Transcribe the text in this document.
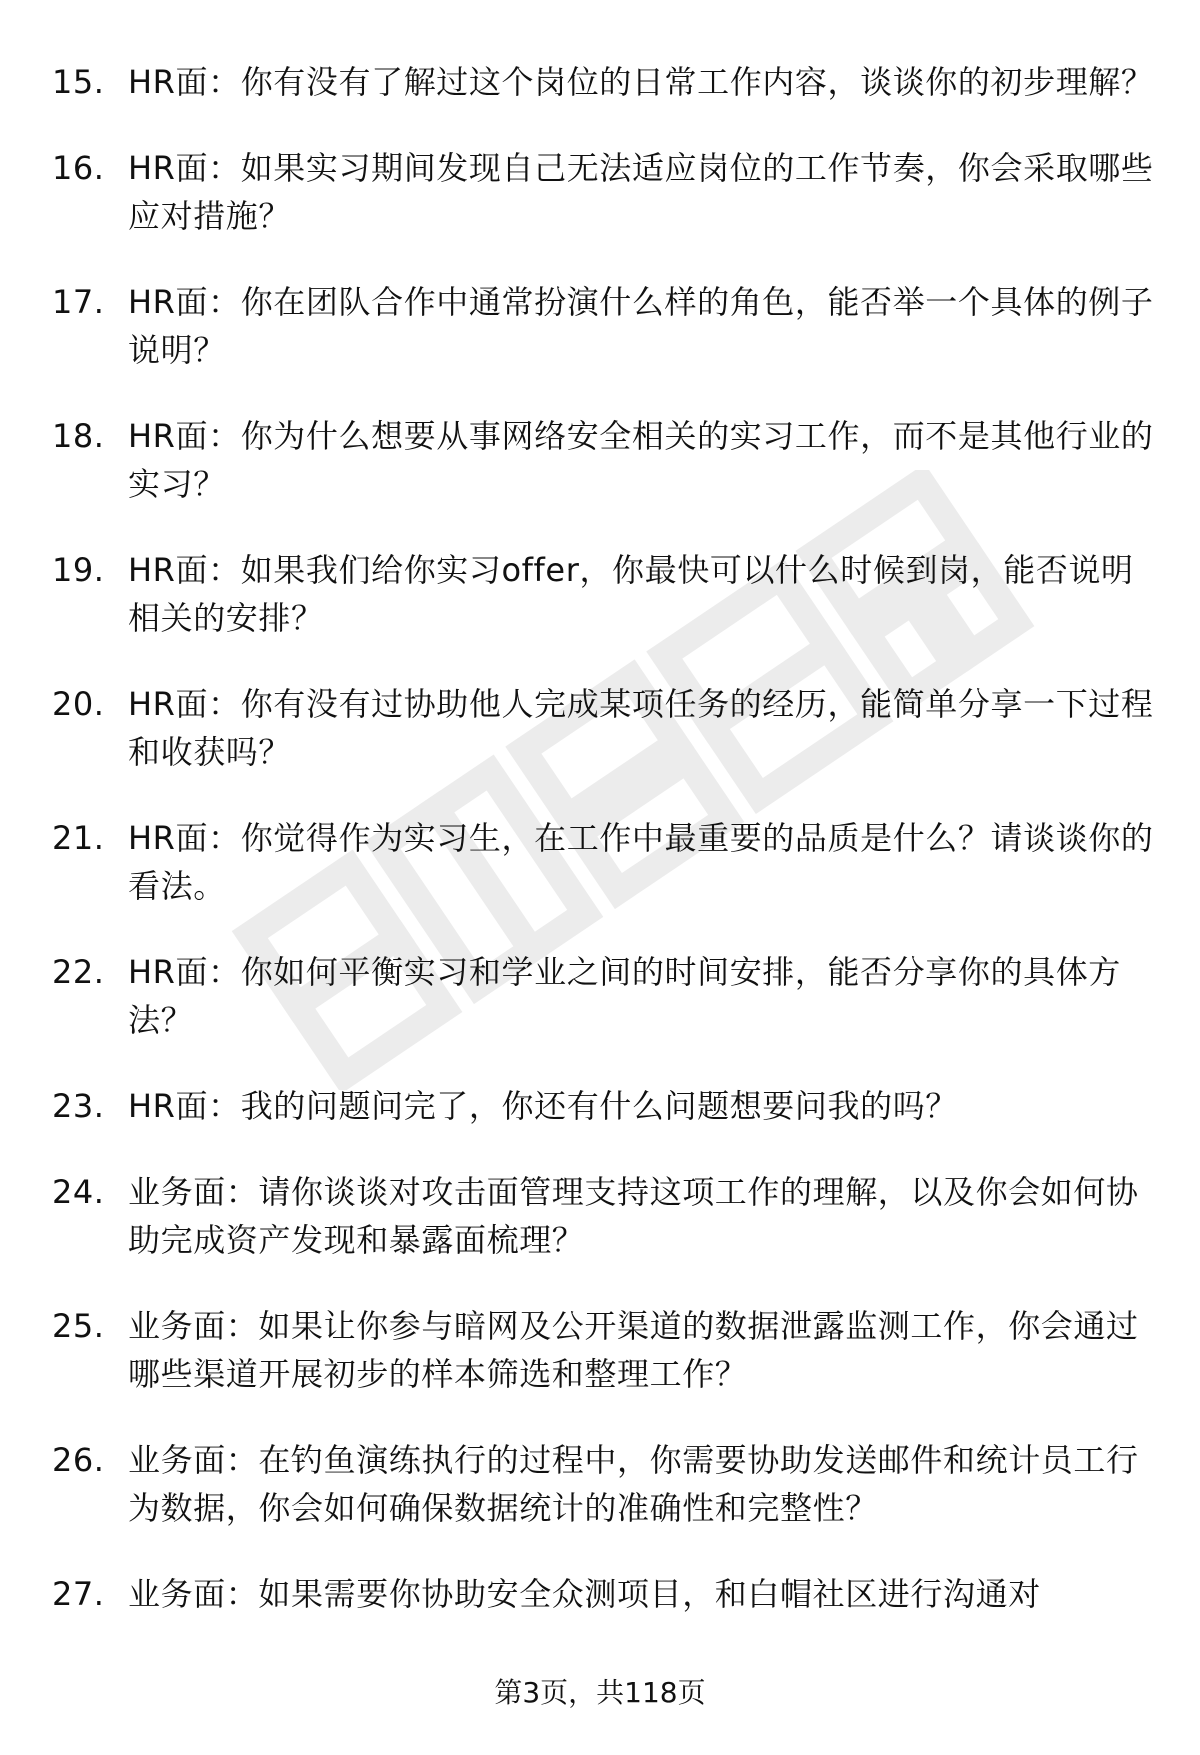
15. HR面：你有没有了解过这个岗位的日常工作内容，谈谈你的初步理解？
16. HR面：如果实习期间发现自己无法适应岗位的工作节奏，你会采取哪些应对措施？
17. HR面：你在团队合作中通常扮演什么样的角色，能否举一个具体的例子说明？
18. HR面：你为什么想要从事网络安全相关的实习工作，而不是其他行业的实习？
19. HR面：如果我们给你实习offer，你最快可以什么时候到岗，能否说明相关的安排？
20. HR面：你有没有过协助他人完成某项任务的经历，能简单分享一下过程和收获吗？
21. HR面：你觉得作为实习生，在工作中最重要的品质是什么？请谈谈你的看法。
22. HR面：你如何平衡实习和学业之间的时间安排，能否分享你的具体方法？
23. HR面：我的问题问完了，你还有什么问题想要问我的吗？
24. 业务面：请你谈谈对攻击面管理支持这项工作的理解，以及你会如何协助完成资产发现和暴露面梳理？
25. 业务面：如果让你参与暗网及公开渠道的数据泄露监测工作，你会通过哪些渠道开展初步的样本筛选和整理工作？
26. 业务面：在钓鱼演练执行的过程中，你需要协助发送邮件和统计员工行为数据，你会如何确保数据统计的准确性和完整性？
27. 业务面：如果需要你协助安全众测项目，和白帽社区进行沟通对
第3页，共118页
